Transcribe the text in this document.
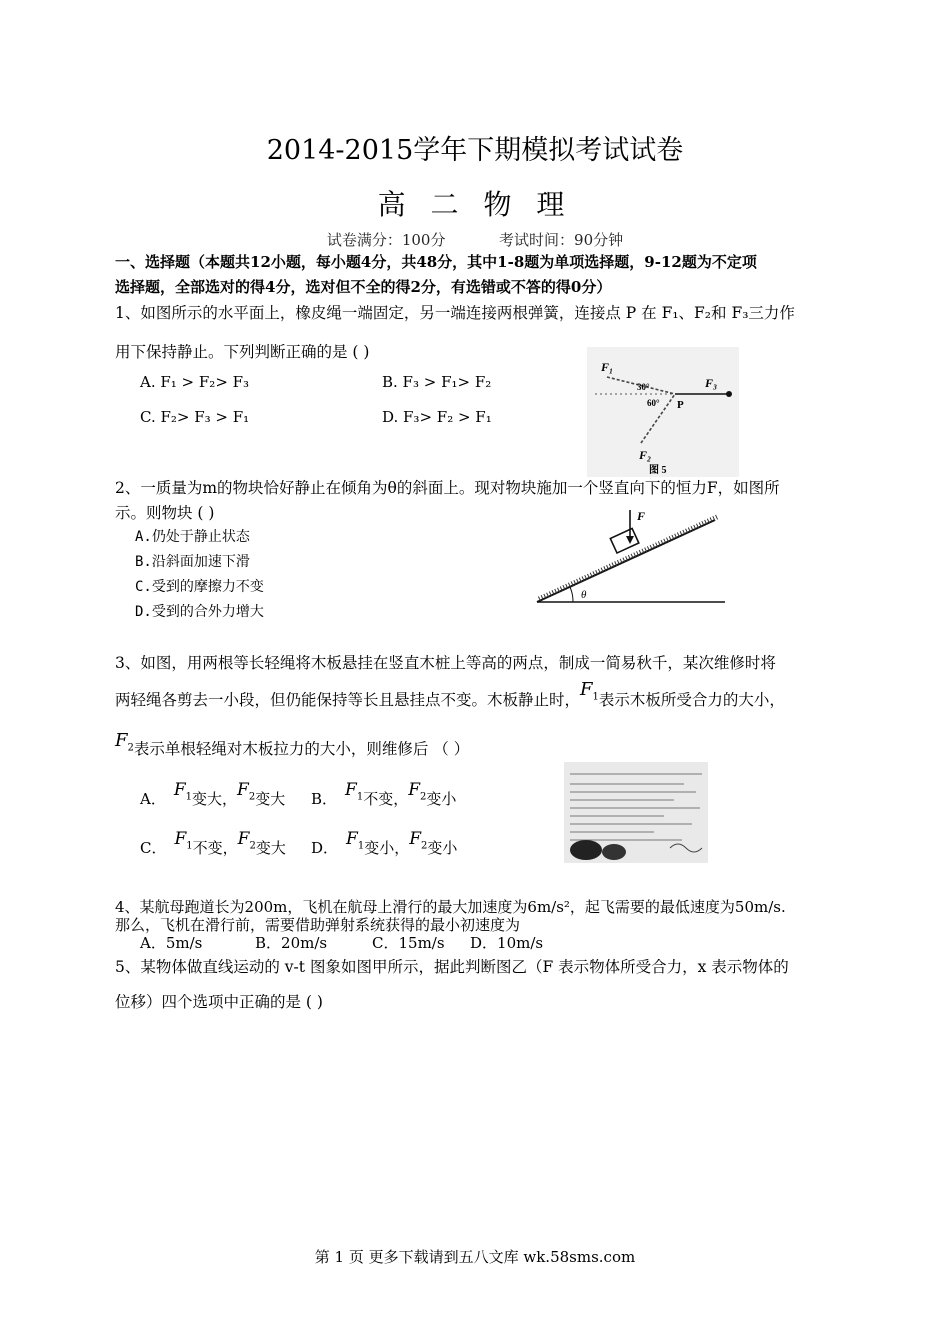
2014-2015学年下期模拟考试试卷
高 二 物 理
试卷满分：100分	考试时间：90分钟
一、选择题（本题共12小题，每小题4分，共48分，其中1-8题为单项选择题，9-12题为不定项
选择题，全部选对的得4分，选对但不全的得2分，有选错或不答的得0分）
1、如图所示的水平面上，橡皮绳一端固定，另一端连接两根弹簧，连接点 P 在 F₁、F₂和 F₃三力作
用下保持静止。下列判断正确的是 ( )
A. F₁ > F₂> F₃	B. F₃ > F₁> F₂
C. F₂> F₃ > F₁	D. F₃> F₂ > F₁
F₁
F₂
F₃
P
30°
60°
图 5
2、一质量为m的物块恰好静止在倾角为θ的斜面上。现对物块施加一个竖直向下的恒力F，如图所
示。则物块 ( )
A.仍处于静止状态
B.沿斜面加速下滑
C.受到的摩擦力不变
D.受到的合外力增大
F
θ
3、如图，用两根等长轻绳将木板悬挂在竖直木桩上等高的两点，制成一简易秋千，某次维修时将
两轻绳各剪去一小段，但仍能保持等长且悬挂点不变。木板静止时，$F_1$表示木板所受合力的大小，
$F_2$表示单根轻绳对木板拉力的大小，则维修后 （ ）
A． $F_1$变大，$F_2$变大 B． $F_1$不变，$F_2$变小
C． $F_1$不变，$F_2$变大 D． $F_1$变小，$F_2$变小
4、某航母跑道长为200m，飞机在航母上滑行的最大加速度为6m/s²，起飞需要的最低速度为50m/s.
那么，飞机在滑行前，需要借助弹射系统获得的最小初速度为
A．5m/s	B．20m/s	C．15m/s D．10m/s
5、某物体做直线运动的 v-t 图象如图甲所示，据此判断图乙（F 表示物体所受合力，x 表示物体的
位移）四个选项中正确的是 ( )
第 1 页 更多下载请到五八文库 wk.58sms.com
